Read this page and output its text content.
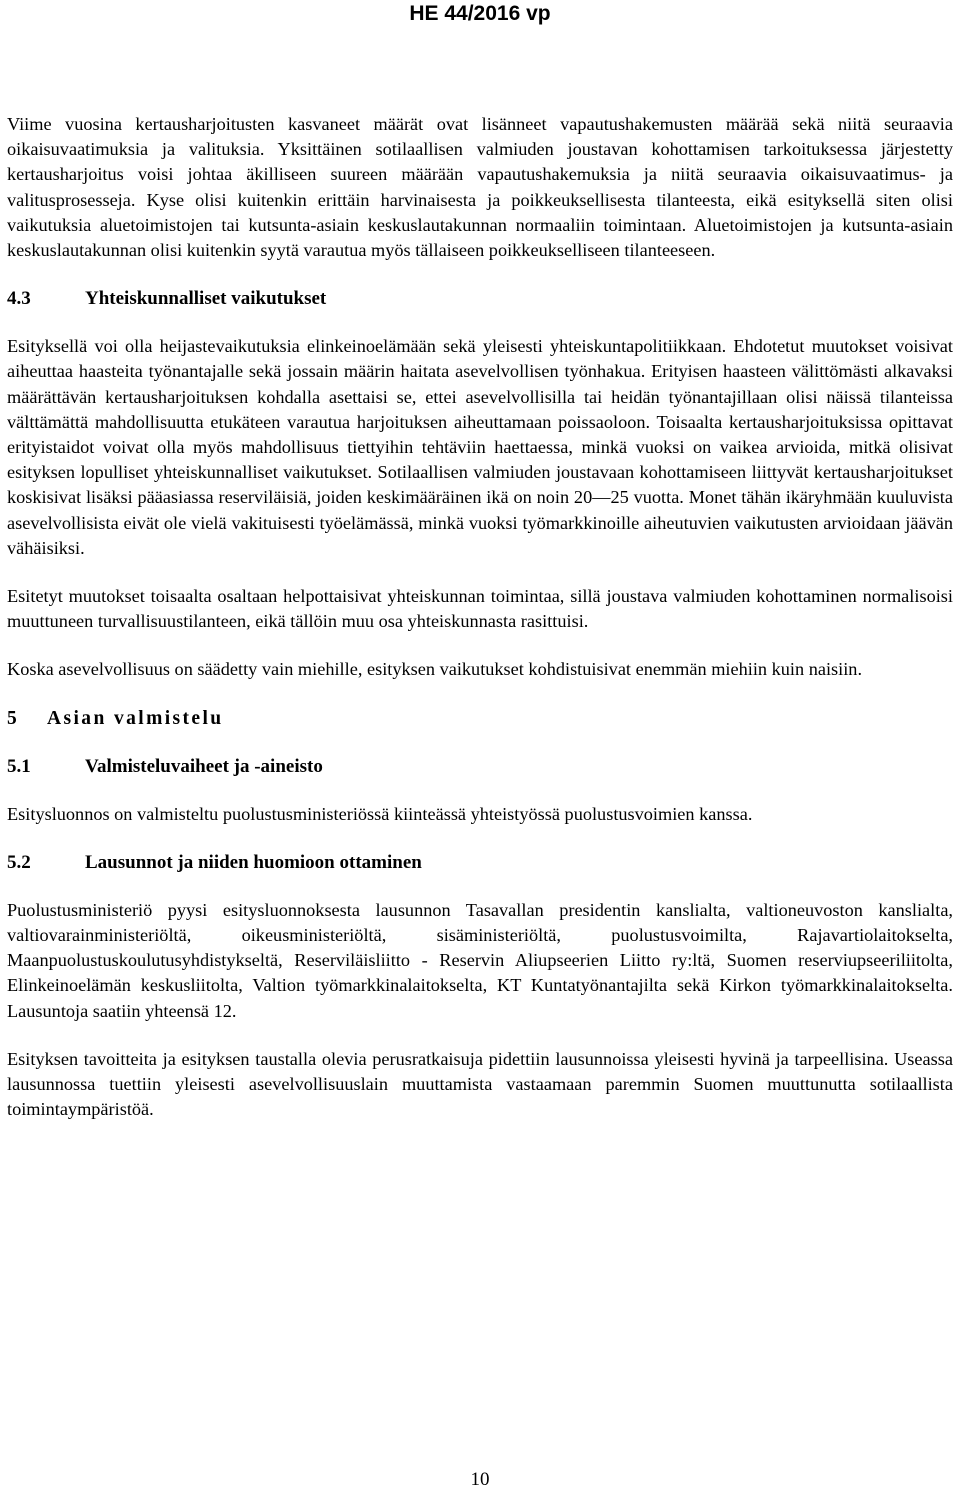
HE 44/2016 vp

Viime vuosina kertausharjoitusten kasvaneet määrät ovat lisänneet vapautushakemusten määrää sekä niitä seuraavia oikaisuvaatimuksia ja valituksia. Yksittäinen sotilaallisen valmiuden joustavan kohottamisen tarkoituksessa järjestetty kertausharjoitus voisi johtaa äkilliseen suureen määrään vapautushakemuksia ja niitä seuraavia oikaisuvaatimus- ja valitusprosesseja. Kyse olisi kuitenkin erittäin harvinaisesta ja poikkeuksellisesta tilanteesta, eikä esityksellä siten olisi vaikutuksia aluetoimistojen tai kutsunta-asiain keskuslautakunnan normaaliin toimintaan. Aluetoimistojen ja kutsunta-asiain keskuslautakunnan olisi kuitenkin syytä varautua myös tällaiseen poikkeukselliseen tilanteeseen.

4.3	Yhteiskunnalliset vaikutukset

Esityksellä voi olla heijastevaikutuksia elinkeinoelämään sekä yleisesti yhteiskuntapolitiikkaan. Ehdotetut muutokset voisivat aiheuttaa haasteita työnantajalle sekä jossain määrin haitata asevelvollisen työnhakua. Erityisen haasteen välittömästi alkavaksi määrättävän kertausharjoituksen kohdalla asettaisi se, ettei asevelvollisilla tai heidän työnantajillaan olisi näissä tilanteissa välttämättä mahdollisuutta etukäteen varautua harjoituksen aiheuttamaan poissaoloon. Toisaalta kertausharjoituksissa opittavat erityistaidot voivat olla myös mahdollisuus tiettyihin tehtäviin haettaessa, minkä vuoksi on vaikea arvioida, mitkä olisivat esityksen lopulliset yhteiskunnalliset vaikutukset. Sotilaallisen valmiuden joustavaan kohottamiseen liittyvät kertausharjoitukset koskisivat lisäksi pääasiassa reserviläisiä, joiden keskimääräinen ikä on noin 20—25 vuotta. Monet tähän ikäryhmään kuuluvista asevelvollisista eivät ole vielä vakituisesti työelämässä, minkä vuoksi työmarkkinoille aiheutuvien vaikutusten arvioidaan jäävän vähäisiksi.

Esitetyt muutokset toisaalta osaltaan helpottaisivat yhteiskunnan toimintaa, sillä joustava valmiuden kohottaminen normalisoisi muuttuneen turvallisuustilanteen, eikä tällöin muu osa yhteiskunnasta rasittuisi.

Koska asevelvollisuus on säädetty vain miehille, esityksen vaikutukset kohdistuisivat enemmän miehiin kuin naisiin.

5	Asian valmistelu
5.1	Valmisteluvaiheet ja -aineisto

Esitysluonnos on valmisteltu puolustusministeriössä kiinteässä yhteistyössä puolustusvoimien kanssa.

5.2	Lausunnot ja niiden huomioon ottaminen

Puolustusministeriö pyysi esitysluonnoksesta lausunnon Tasavallan presidentin kanslialta, valtioneuvoston kanslialta, valtiovarainministeriöltä, oikeusministeriöltä, sisäministeriöltä, puolustusvoimilta, Rajavartiolaitokselta, Maanpuolustuskoulutusyhdistykseltä, Reserviläisliitto - Reservin Aliupseerien Liitto ry:ltä, Suomen reserviupseeriliitolta, Elinkeinoelämän keskusliitolta, Valtion työmarkkinalaitokselta, KT Kuntatyönantajilta sekä Kirkon työmarkkinalaitokselta. Lausuntoja saatiin yhteensä 12.

Esityksen tavoitteita ja esityksen taustalla olevia perusratkaisuja pidettiin lausunnoissa yleisesti hyvinä ja tarpeellisina. Useassa lausunnossa tuettiin yleisesti asevelvollisuuslain muuttamista vastaamaan paremmin Suomen muuttunutta sotilaallista toimintaympäristöä.

10
